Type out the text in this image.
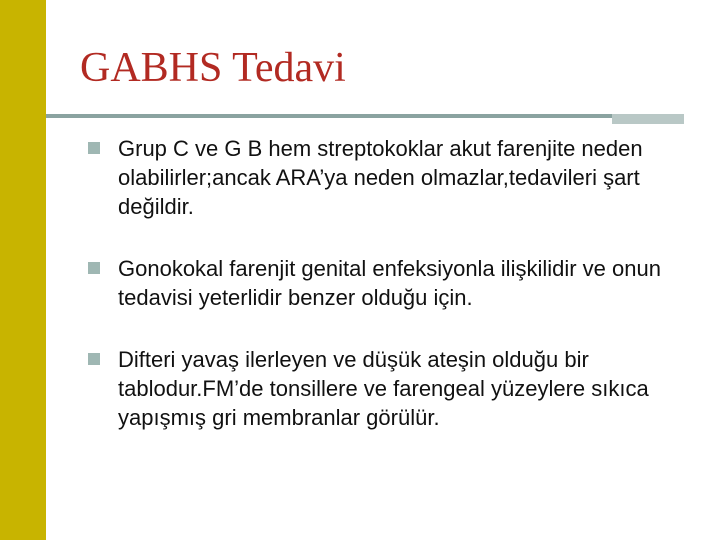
GABHS Tedavi
Grup C ve G B hem streptokoklar akut farenjite neden olabilirler;ancak ARA’ya neden olmazlar,tedavileri şart değildir.
Gonokokal farenjit genital enfeksiyonla ilişkilidir ve onun tedavisi yeterlidir benzer olduğu için.
Difteri yavaş ilerleyen ve düşük ateşin olduğu bir tablodur.FM’de tonsillere ve farengeal yüzeylere sıkıca yapışmış gri membranlar görülür.
